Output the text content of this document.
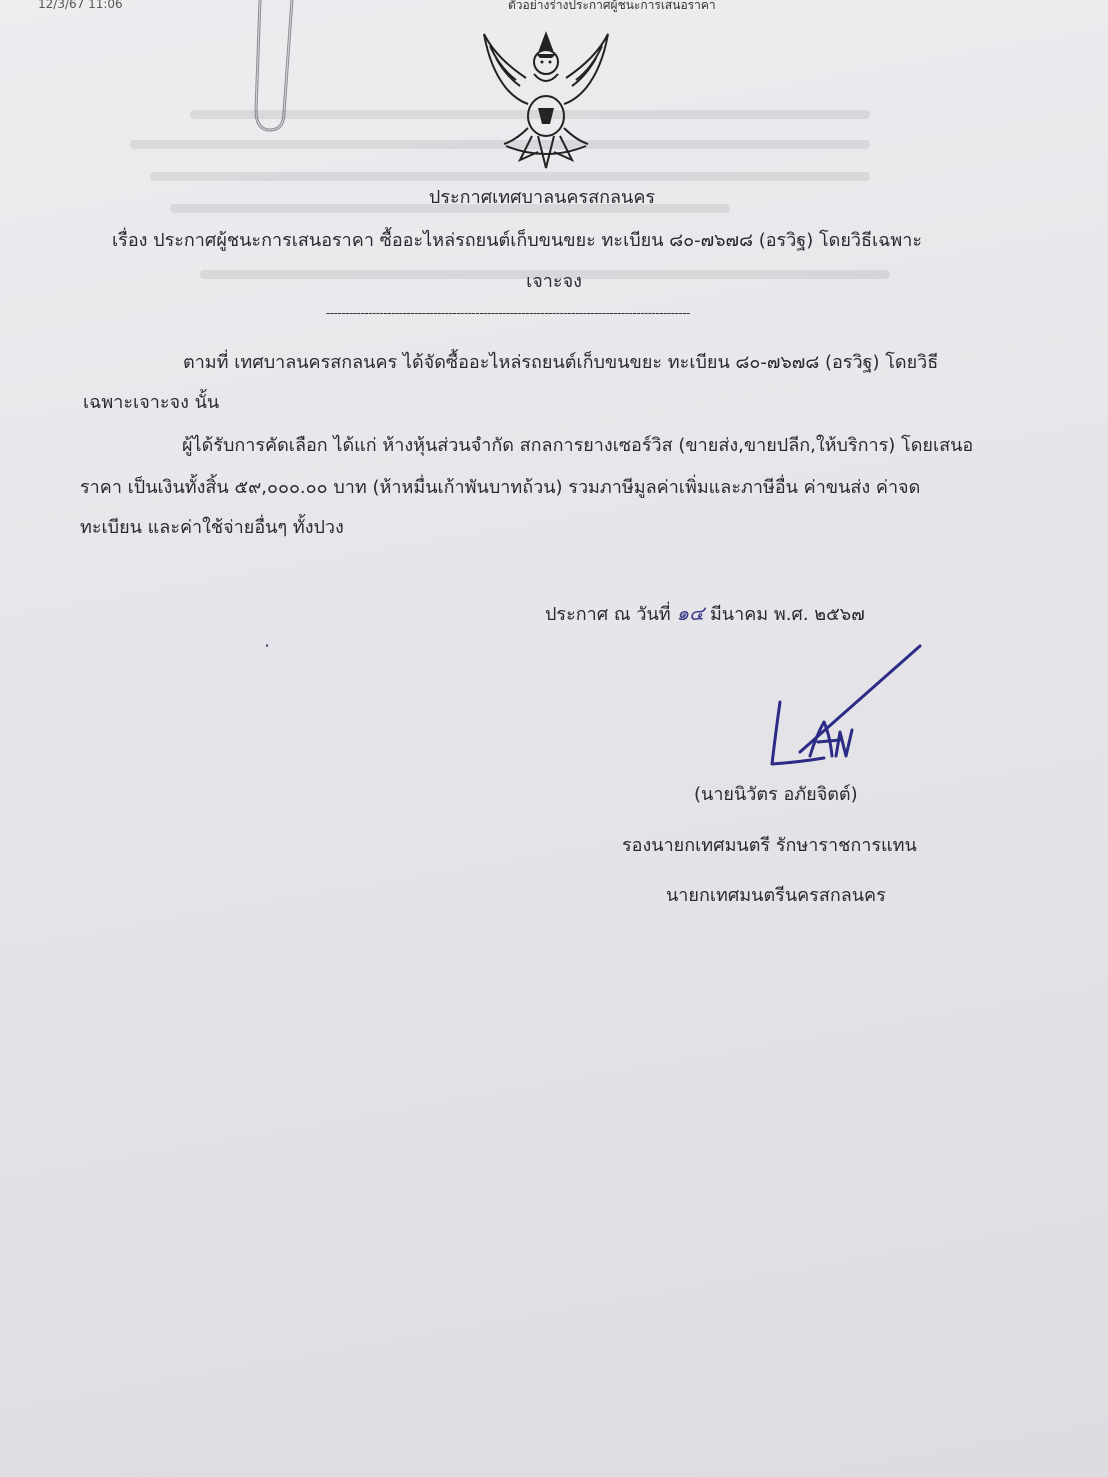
12/3/67 11:06	ตัวอย่างร่างประกาศผู้ชนะการเสนอราคา
ประกาศเทศบาลนครสกลนคร
เรื่อง ประกาศผู้ชนะการเสนอราคา ซื้ออะไหล่รถยนต์เก็บขนขยะ ทะเบียน ๘๐-๗๖๗๘ (อรวิฐ) โดยวิธีเฉพาะ
เจาะจง
-----------------------------------------------------------------------------------------------
ตามที่ เทศบาลนครสกลนคร ได้จัดซื้ออะไหล่รถยนต์เก็บขนขยะ ทะเบียน ๘๐-๗๖๗๘ (อรวิฐ) โดยวิธี
เฉพาะเจาะจง นั้น
ผู้ได้รับการคัดเลือก ได้แก่ ห้างหุ้นส่วนจำกัด สกลการยางเซอร์วิส (ขายส่ง,ขายปลีก,ให้บริการ) โดยเสนอ
ราคา เป็นเงินทั้งสิ้น ๕๙,๐๐๐.๐๐ บาท (ห้าหมื่นเก้าพันบาทถ้วน) รวมภาษีมูลค่าเพิ่มและภาษีอื่น ค่าขนส่ง ค่าจด
ทะเบียน และค่าใช้จ่ายอื่นๆ ทั้งปวง
ประกาศ ณ วันที่ ๑๔ มีนาคม พ.ศ. ๒๕๖๗
(นายนิวัตร อภัยจิตต์)
รองนายกเทศมนตรี รักษาราชการแทน
นายกเทศมนตรีนครสกลนคร
